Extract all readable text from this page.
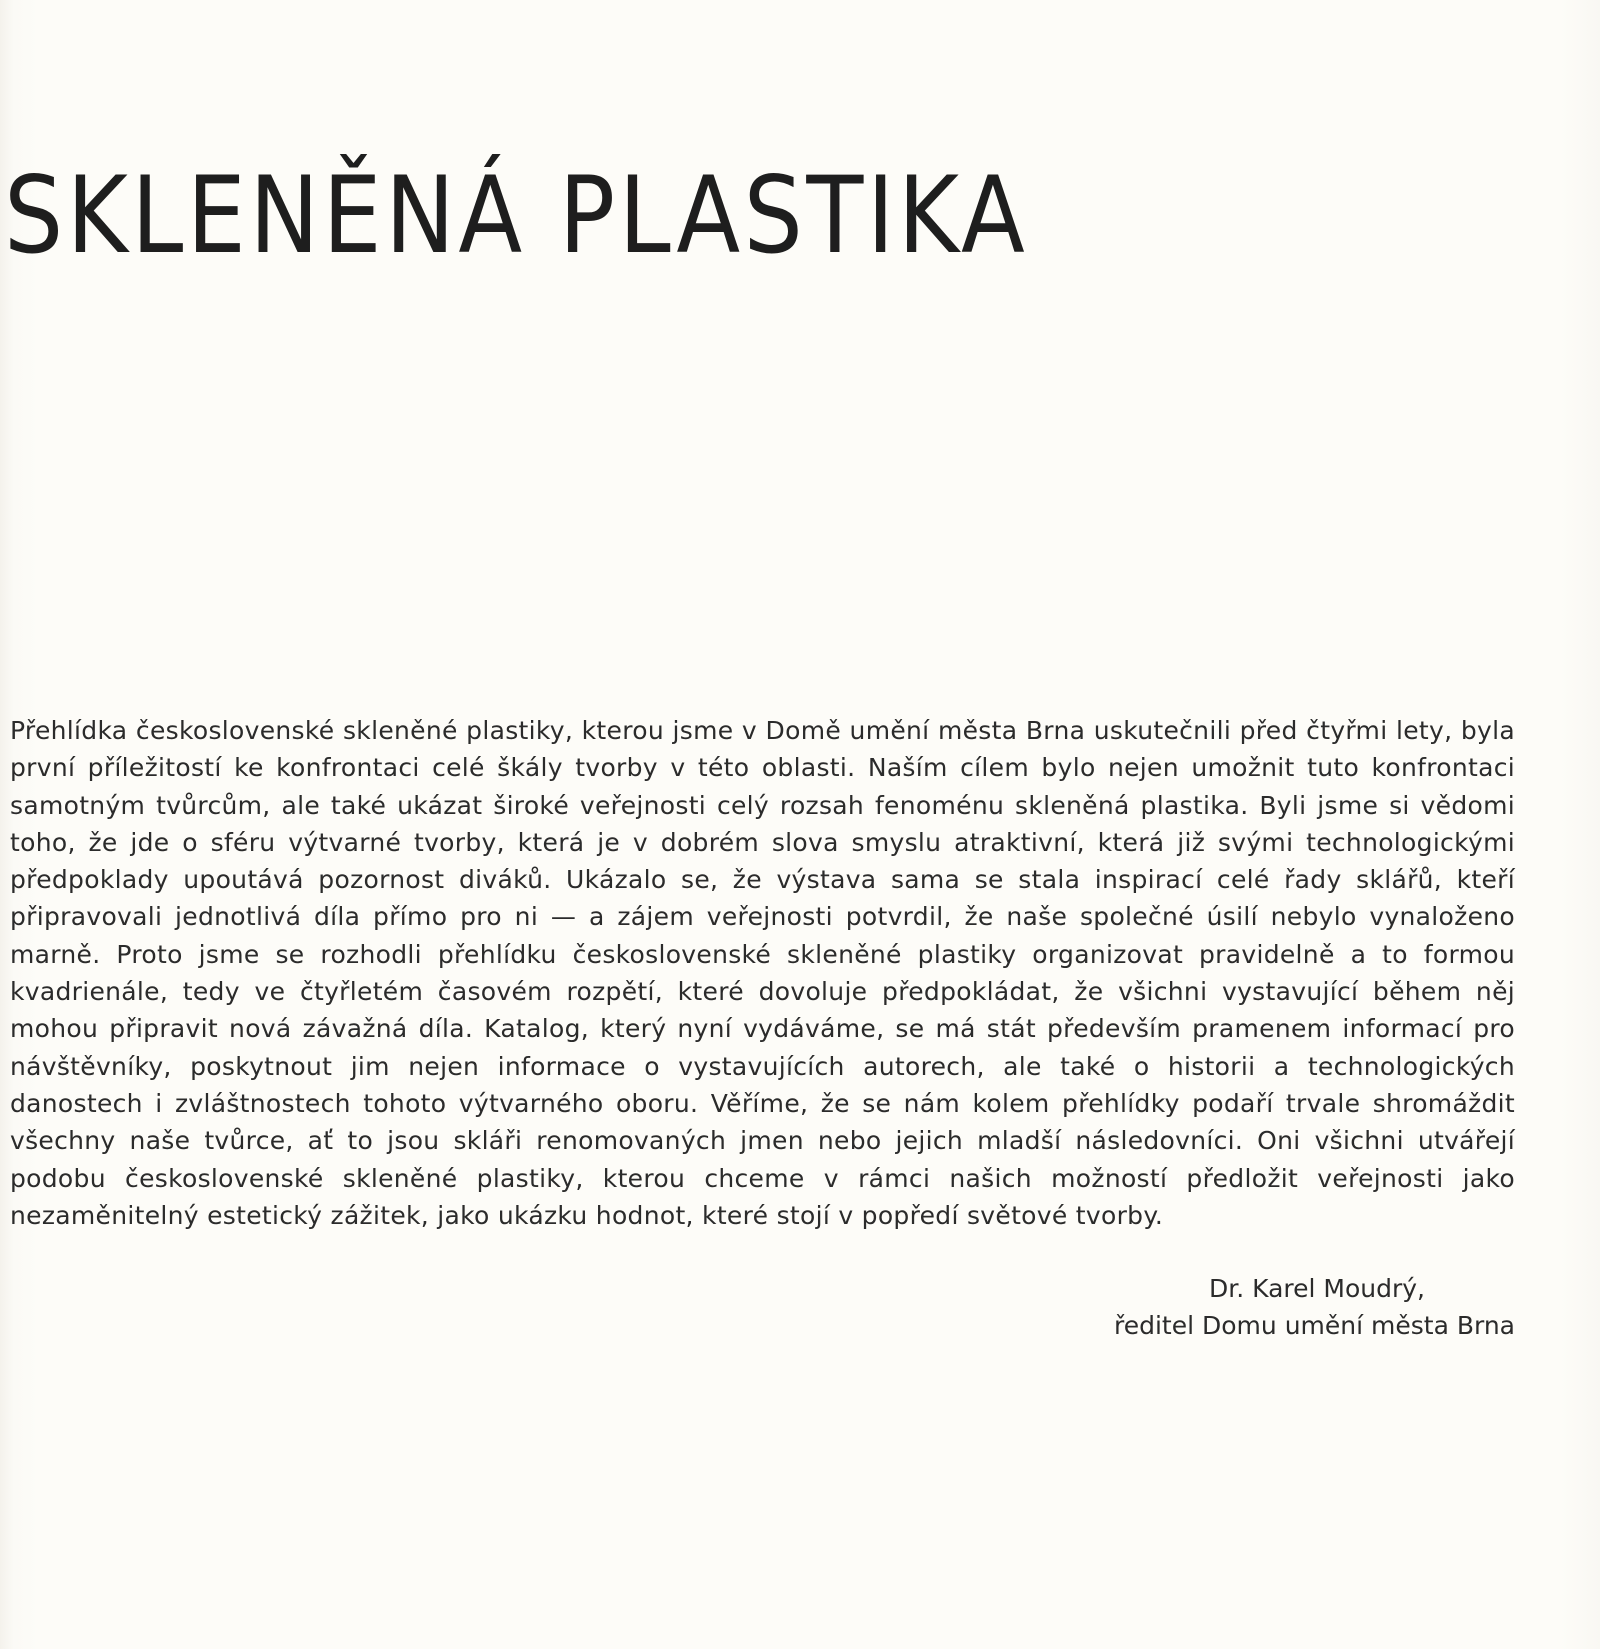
SKLENĚNÁ PLASTIKA

Přehlídka československé skleněné plastiky, kterou jsme v Domě umění města Brna uskutečnili před čtyřmi lety, byla první příležitostí ke konfrontaci celé škály tvorby v této oblasti. Naším cílem bylo nejen umožnit tuto konfrontaci samotným tvůrcům, ale také ukázat široké veřejnosti celý rozsah fenoménu skleněná plastika. Byli jsme si vědomi toho, že jde o sféru výtvarné tvorby, která je v dobrém slova smyslu atraktivní, která již svými technologickými předpoklady upoutává pozornost diváků. Ukázalo se, že výstava sama se stala inspirací celé řady sklářů, kteří připravovali jednotlivá díla přímo pro ni — a zájem veřejnosti potvrdil, že naše společné úsilí nebylo vynaloženo marně. Proto jsme se rozhodli přehlídku československé skleněné plastiky organizovat pravidelně a to formou kvadrienále, tedy ve čtyřletém časovém rozpětí, které dovoluje předpokládat, že všichni vystavující během něj mohou připravit nová závažná díla. Katalog, který nyní vydáváme, se má stát především pramenem informací pro návštěvníky, poskytnout jim nejen informace o vystavujících autorech, ale také o historii a technologických danostech i zvláštnostech tohoto výtvarného oboru. Věříme, že se nám kolem přehlídky podaří trvale shromáždit všechny naše tvůrce, ať to jsou skláři renomovaných jmen nebo jejich mladší následovníci. Oni všichni utvářejí podobu československé skleněné plastiky, kterou chceme v rámci našich možností předložit veřejnosti jako nezaměnitelný estetický zážitek, jako ukázku hodnot, které stojí v popředí světové tvorby.

Dr. Karel Moudrý,
ředitel Domu umění města Brna
